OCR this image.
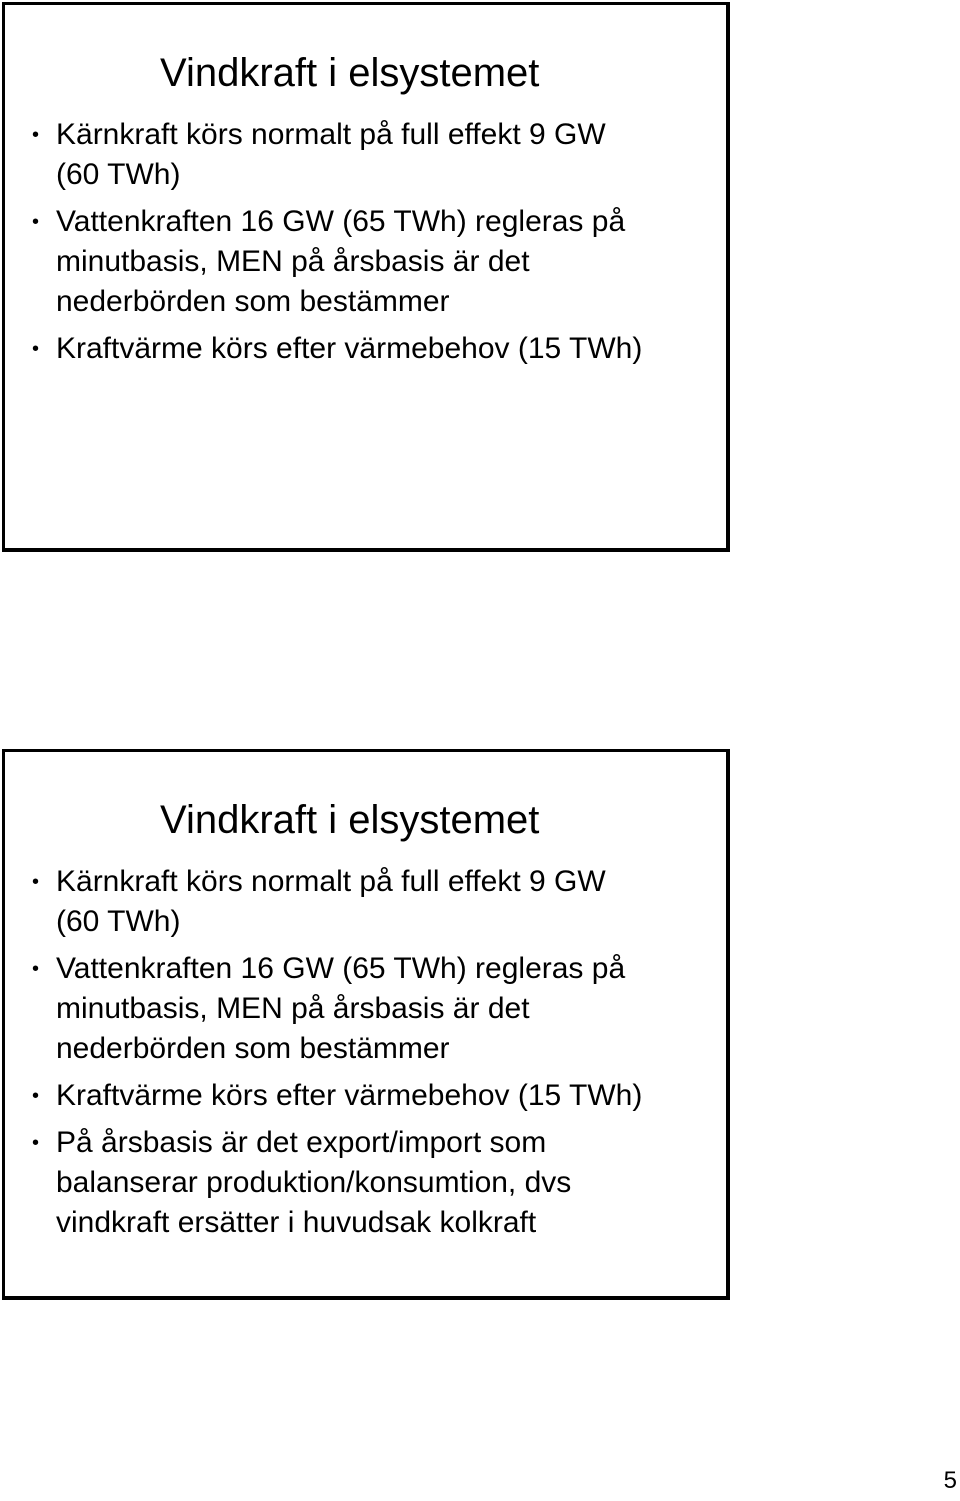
Vindkraft i elsystemet
• Kärnkraft körs normalt på full effekt 9 GW
(60 TWh)
• Vattenkraften 16 GW (65 TWh) regleras på
minutbasis, MEN på årsbasis är det
nederbörden som bestämmer
• Kraftvärme körs efter värmebehov (15 TWh)
Vindkraft i elsystemet
• Kärnkraft körs normalt på full effekt 9 GW
(60 TWh)
• Vattenkraften 16 GW (65 TWh) regleras på
minutbasis, MEN på årsbasis är det
nederbörden som bestämmer
• Kraftvärme körs efter värmebehov (15 TWh)
• På årsbasis är det export/import som
balanserar produktion/konsumtion, dvs
vindkraft ersätter i huvudsak kolkraft
5
